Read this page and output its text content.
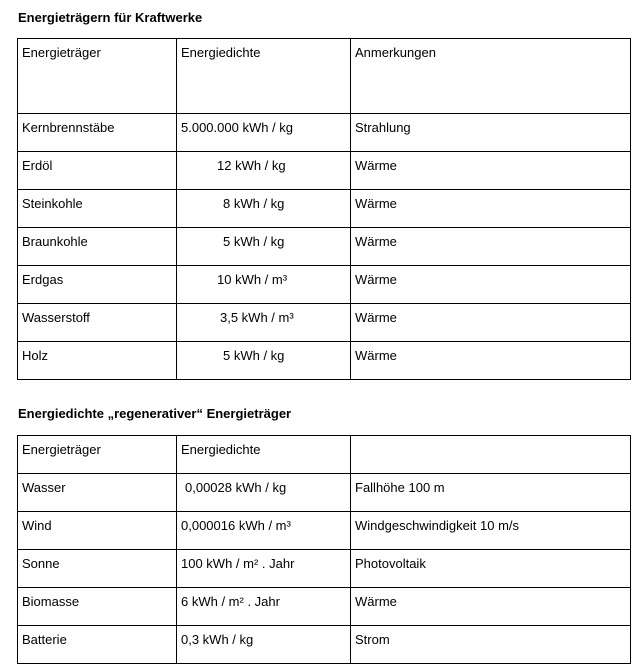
Energieträgern für Kraftwerke
Energieträger	Energiedichte	Anmerkungen
Kernbrennstäbe	5.000.000 kWh / kg	Strahlung
Erdöl	12 kWh / kg	Wärme
Steinkohle	8 kWh / kg	Wärme
Braunkohle	5 kWh / kg	Wärme
Erdgas	10 kWh / m³	Wärme
Wasserstoff	3,5 kWh / m³	Wärme
Holz	5 kWh / kg	Wärme
Energiedichte „regenerativer“ Energieträger
Energieträger	Energiedichte	
Wasser	0,00028 kWh / kg	Fallhöhe 100 m
Wind	0,000016 kWh / m³	Windgeschwindigkeit 10 m/s
Sonne	100 kWh / m² . Jahr	Photovoltaik
Biomasse	6 kWh / m² . Jahr	Wärme
Batterie	0,3 kWh / kg	Strom
